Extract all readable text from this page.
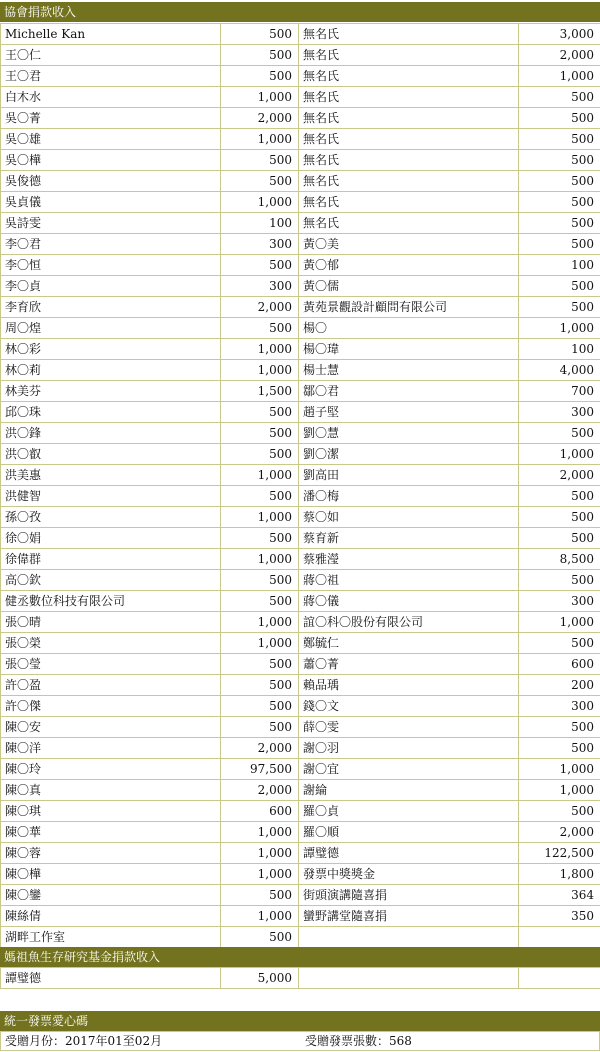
協會捐款收入
Michelle Kan	500	無名氏	3,000
王〇仁	500	無名氏	2,000
王〇君	500	無名氏	1,000
白木水	1,000	無名氏	500
吳〇菁	2,000	無名氏	500
吳〇雄	1,000	無名氏	500
吳〇樺	500	無名氏	500
吳俊德	500	無名氏	500
吳貞儀	1,000	無名氏	500
吳詩雯	100	無名氏	500
李〇君	300	黃〇美	500
李〇恒	500	黃〇郁	100
李〇貞	300	黃〇儒	500
李育欣	2,000	黃苑景觀設計顧問有限公司	500
周〇煌	500	楊〇	1,000
林〇彩	1,000	楊〇瑋	100
林〇莉	1,000	楊士慧	4,000
林美芬	1,500	鄒〇君	700
邱〇珠	500	趙子堅	300
洪〇鋒	500	劉〇慧	500
洪〇叡	500	劉〇潔	1,000
洪美惠	1,000	劉高田	2,000
洪健智	500	潘〇梅	500
孫〇孜	1,000	蔡〇如	500
徐〇娟	500	蔡育新	500
徐偉群	1,000	蔡雅瀅	8,500
高〇欽	500	蔣〇祖	500
健丞數位科技有限公司	500	蔣〇儀	300
張〇晴	1,000	誼〇科〇股份有限公司	1,000
張〇榮	1,000	鄭毓仁	500
張〇瑩	500	蕭〇菁	600
許〇盈	500	賴品瑀	200
許〇傑	500	錢〇文	300
陳〇安	500	薛〇雯	500
陳〇洋	2,000	謝〇羽	500
陳〇玲	97,500	謝〇宜	1,000
陳〇真	2,000	謝綸	1,000
陳〇琪	600	羅〇貞	500
陳〇華	1,000	羅〇順	2,000
陳〇蓉	1,000	譚璧德	122,500
陳〇樺	1,000	發票中獎獎金	1,800
陳〇鑾	500	街頭演講隨喜捐	364
陳絲倩	1,000	蠻野講堂隨喜捐	350
湖畔工作室	500		
媽祖魚生存研究基金捐款收入
譚璧德	5,000		
統一發票愛心碼
受贈月份：2017年01至02月	受贈發票張數：568
